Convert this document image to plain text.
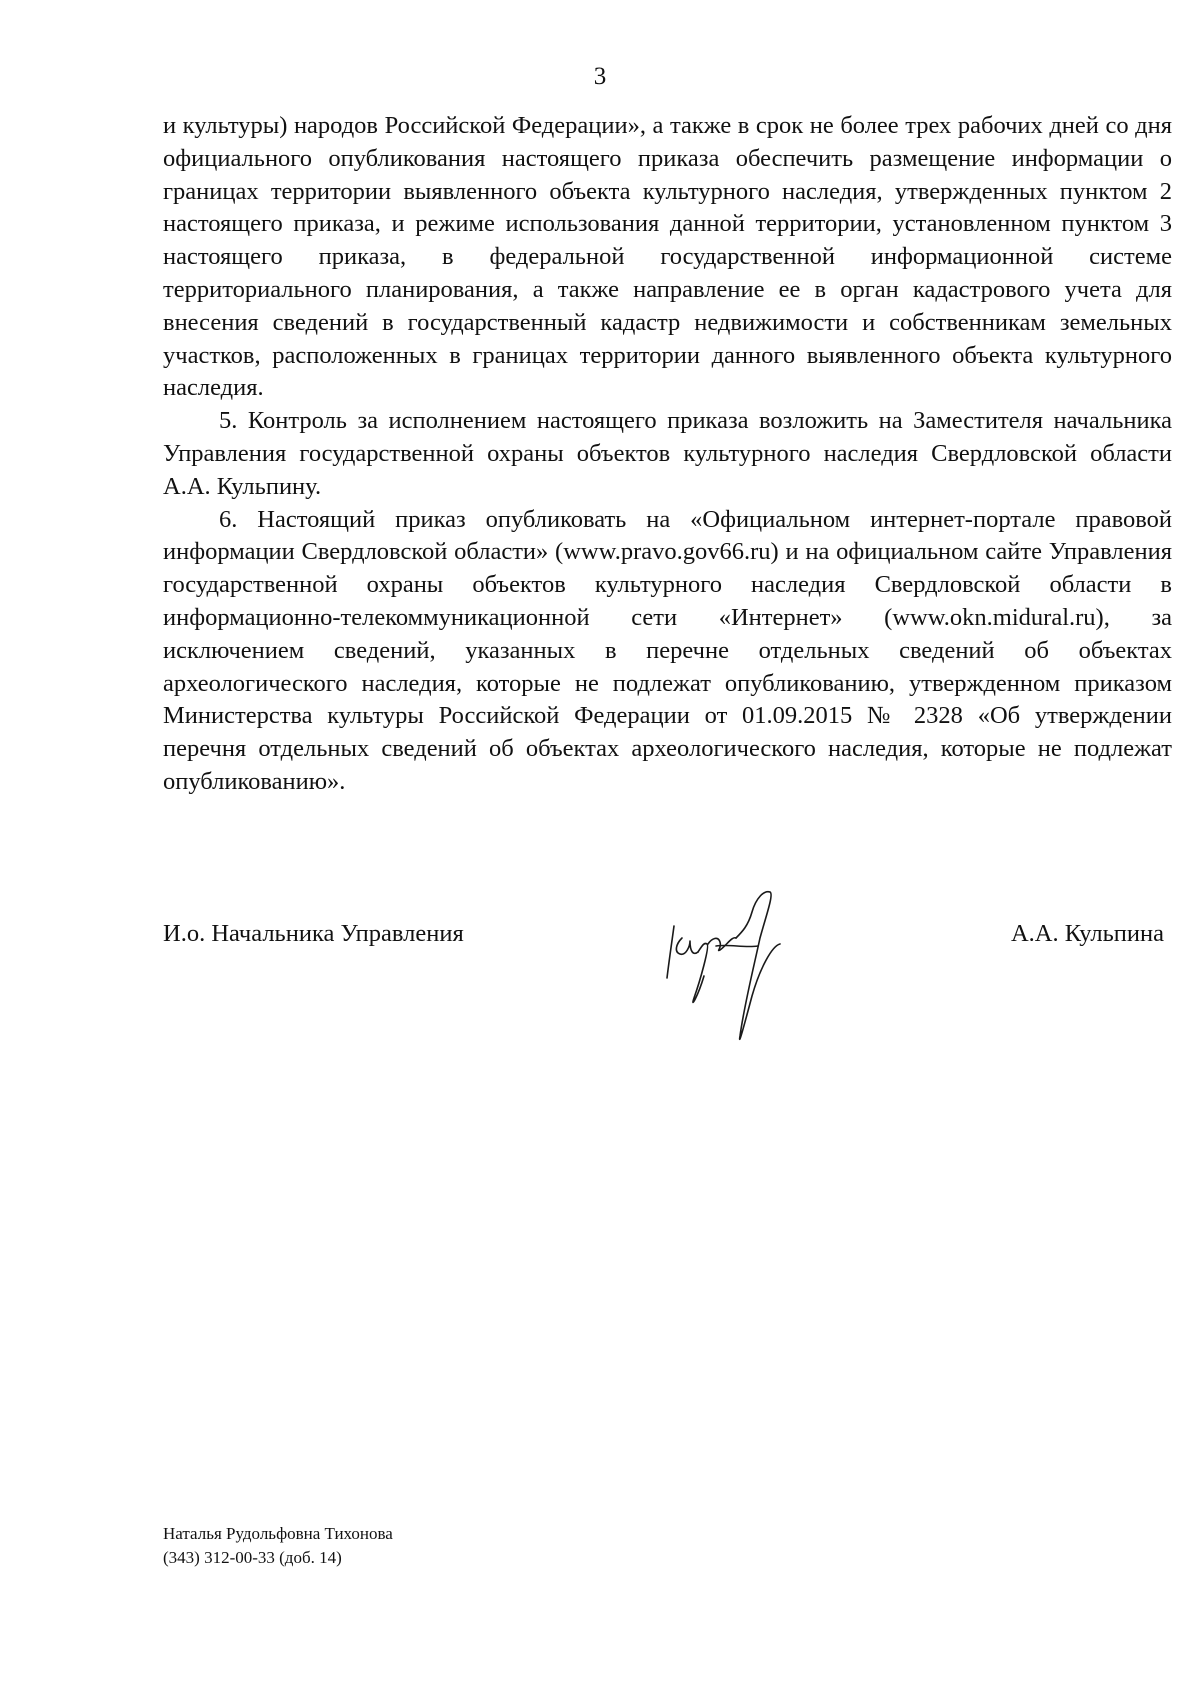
3

и культуры) народов Российской Федерации», а также в срок не более трех рабочих дней со дня официального опубликования настоящего приказа обеспечить размещение информации о границах территории выявленного объекта культурного наследия, утвержденных пунктом 2 настоящего приказа, и режиме использования данной территории, установленном пунктом 3 настоящего приказа, в федеральной государственной информационной системе территориального планирования, а также направление ее в орган кадастрового учета для внесения сведений в государственный кадастр недвижимости и собственникам земельных участков, расположенных в границах территории данного выявленного объекта культурного наследия.

5. Контроль за исполнением настоящего приказа возложить на Заместителя начальника Управления государственной охраны объектов культурного наследия Свердловской области А.А. Кульпину.

6. Настоящий приказ опубликовать на «Официальном интернет-портале правовой информации Свердловской области» (www.pravo.gov66.ru) и на официальном сайте Управления государственной охраны объектов культурного наследия Свердловской области в информационно-телекоммуникационной сети «Интернет» (www.okn.midural.ru), за исключением сведений, указанных в перечне отдельных сведений об объектах археологического наследия, которые не подлежат опубликованию, утвержденном приказом Министерства культуры Российской Федерации от 01.09.2015 № 2328 «Об утверждении перечня отдельных сведений об объектах археологического наследия, которые не подлежат опубликованию».

И.о. Начальника Управления	А.А. Кульпина
Наталья Рудольфовна Тихонова
(343) 312-00-33 (доб. 14)
